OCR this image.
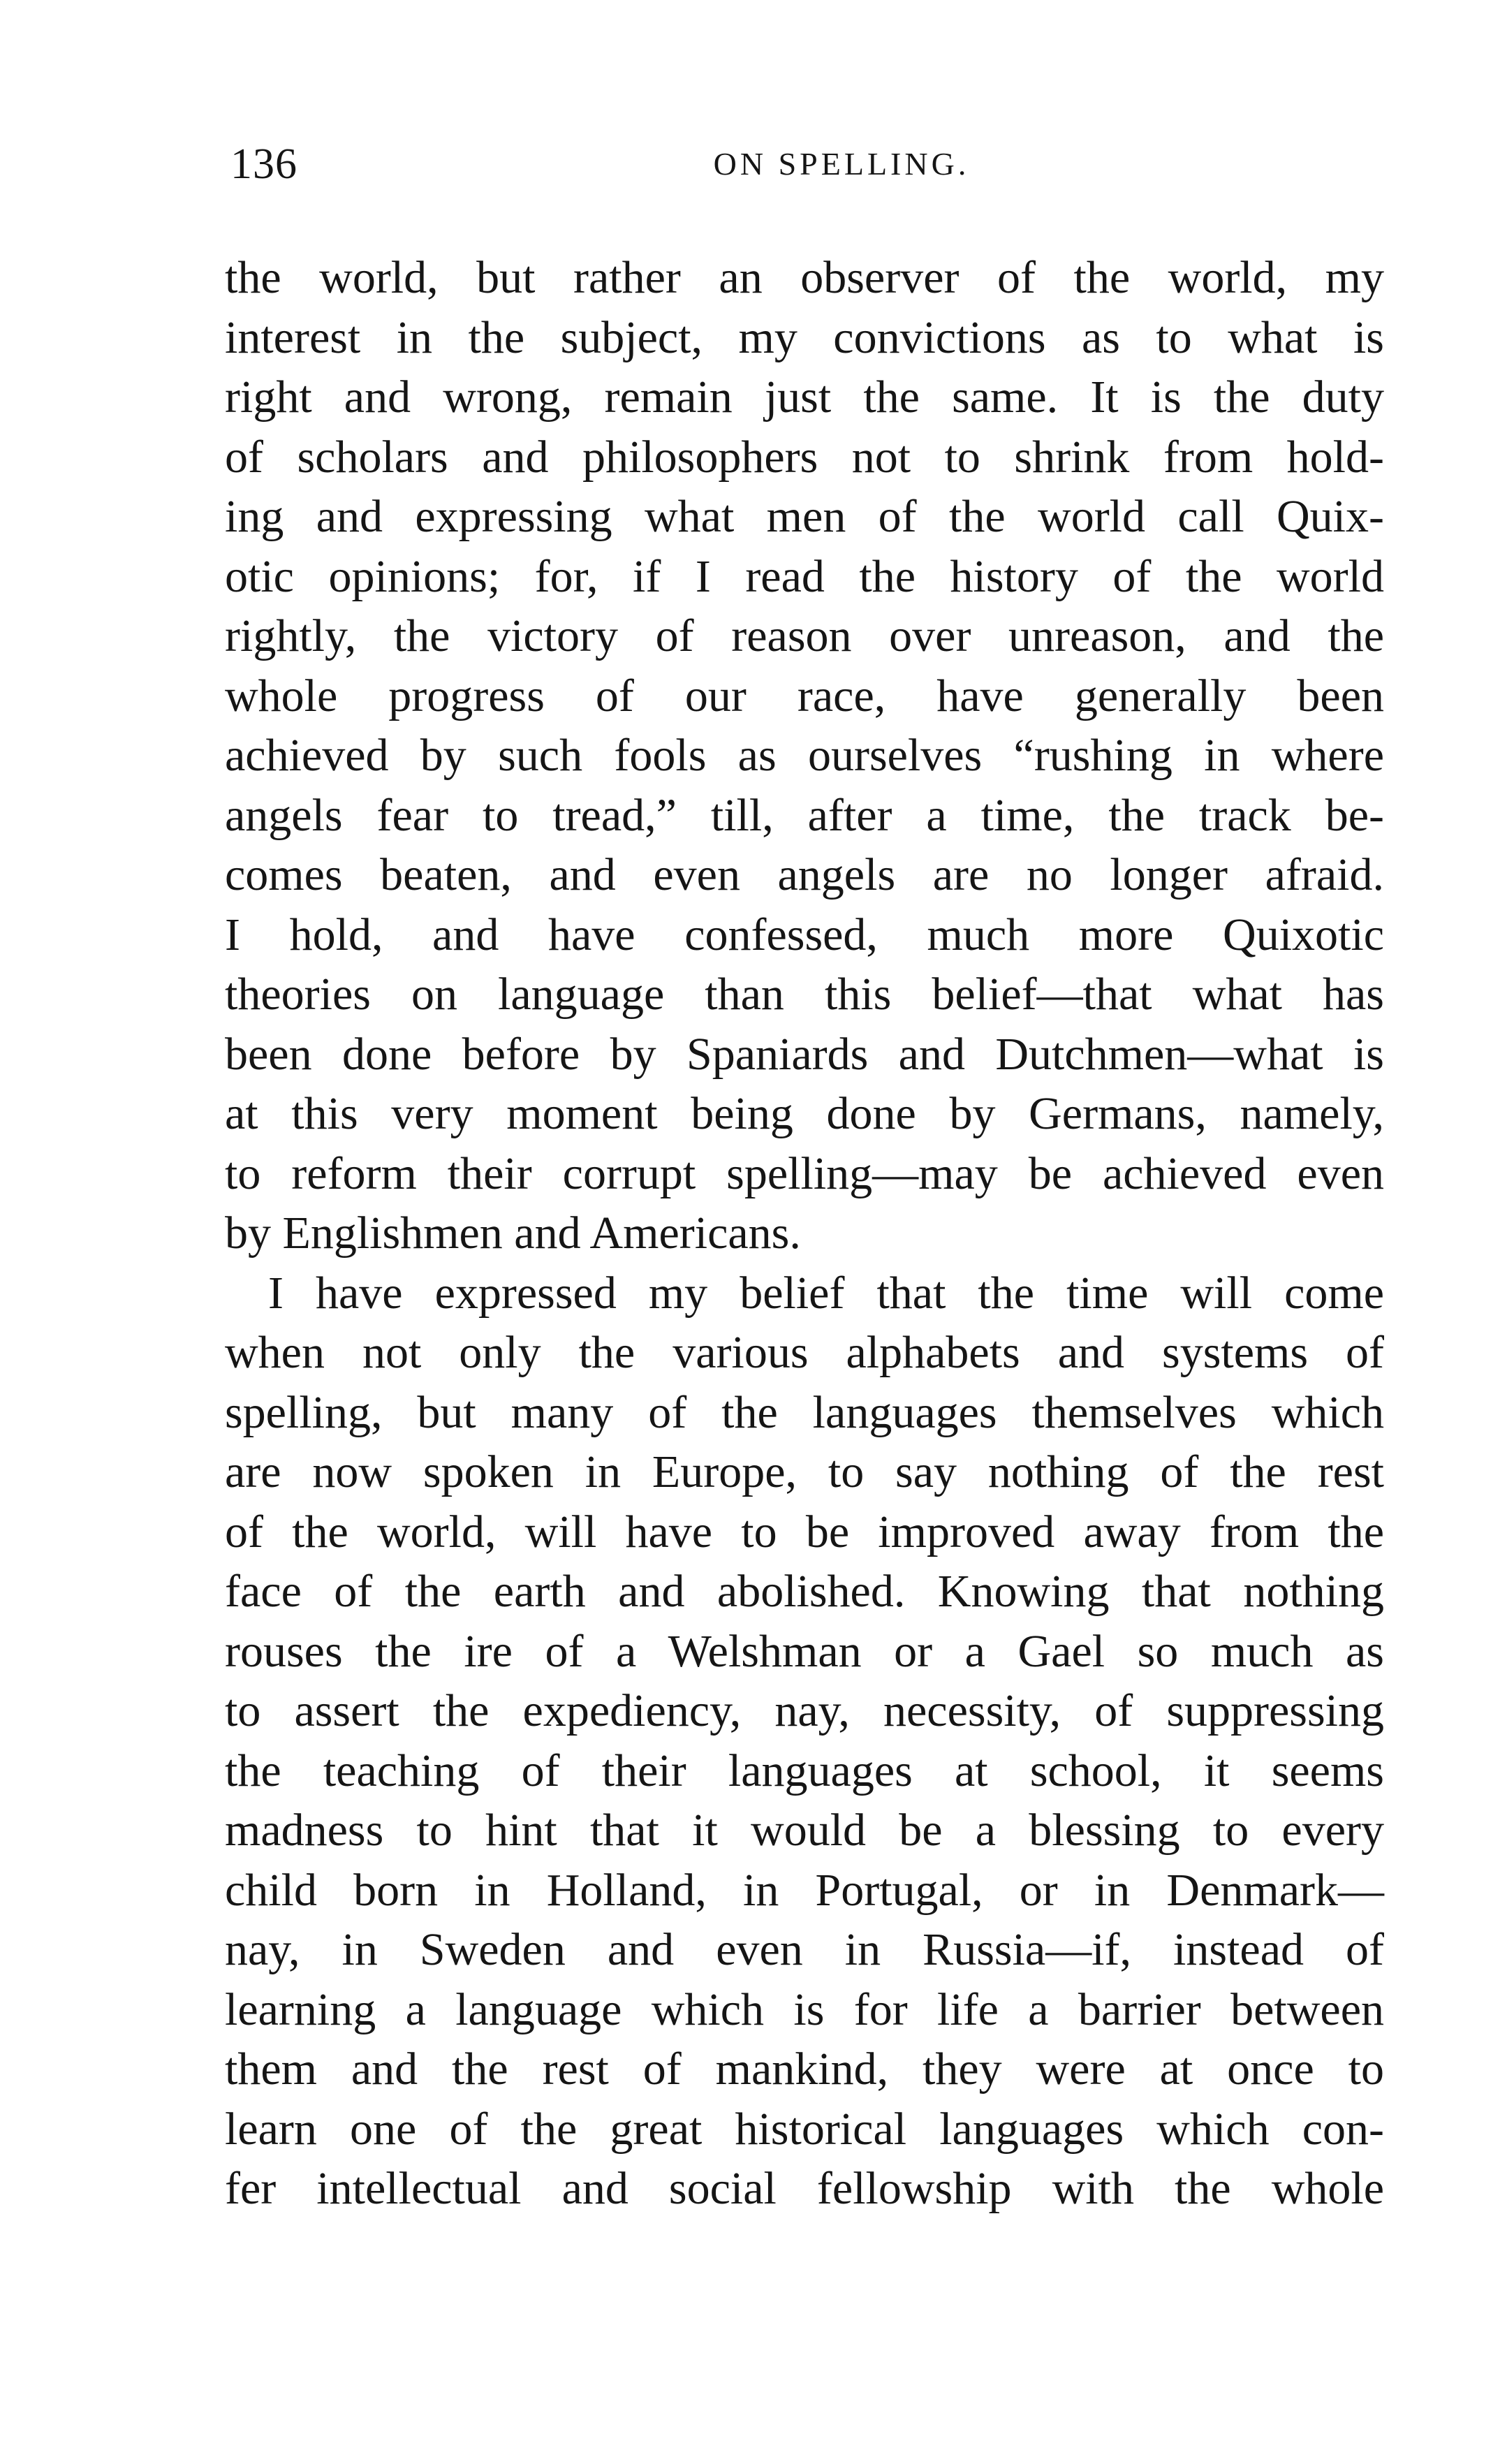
136	ON SPELLING.
the world, but rather an observer of the world, my
interest in the subject, my convictions as to what is
right and wrong, remain just the same. It is the duty
of scholars and philosophers not to shrink from hold-
ing and expressing what men of the world call Quix-
otic opinions; for, if I read the history of the world
rightly, the victory of reason over unreason, and the
whole progress of our race, have generally been
achieved by such fools as ourselves “rushing in where
angels fear to tread,” till, after a time, the track be-
comes beaten, and even angels are no longer afraid.
I hold, and have confessed, much more Quixotic
theories on language than this belief—that what has
been done before by Spaniards and Dutchmen—what is
at this very moment being done by Germans, namely,
to reform their corrupt spelling—may be achieved even
by Englishmen and Americans.
I have expressed my belief that the time will come
when not only the various alphabets and systems of
spelling, but many of the languages themselves which
are now spoken in Europe, to say nothing of the rest
of the world, will have to be improved away from the
face of the earth and abolished. Knowing that nothing
rouses the ire of a Welshman or a Gael so much as
to assert the expediency, nay, necessity, of suppressing
the teaching of their languages at school, it seems
madness to hint that it would be a blessing to every
child born in Holland, in Portugal, or in Denmark—
nay, in Sweden and even in Russia—if, instead of
learning a language which is for life a barrier between
them and the rest of mankind, they were at once to
learn one of the great historical languages which con-
fer intellectual and social fellowship with the whole
